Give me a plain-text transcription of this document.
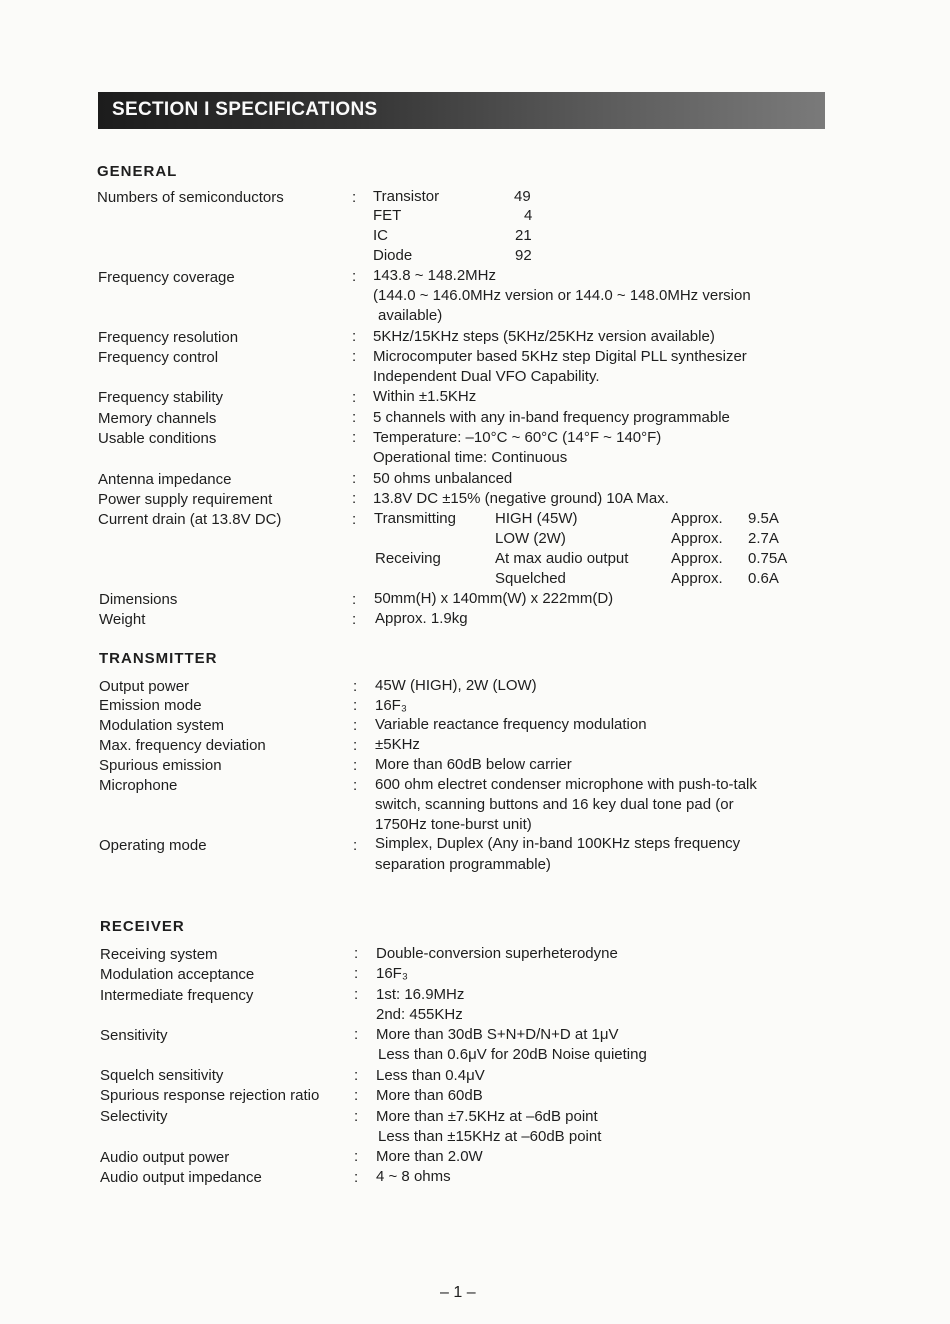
SECTION I SPECIFICATIONS
GENERAL
Numbers of semiconductors	: Transistor	49
FET	4
IC	21
Diode	92
Frequency coverage	: 143.8 ~ 148.2MHz
(144.0 ~ 146.0MHz version or 144.0 ~ 148.0MHz version
available)
Frequency resolution	: 5KHz/15KHz steps (5KHz/25KHz version available)
Frequency control	: Microcomputer based 5KHz step Digital PLL synthesizer
Independent Dual VFO Capability.
Frequency stability	: Within ±1.5KHz
Memory channels	: 5 channels with any in-band frequency programmable
Usable conditions	: Temperature: –10°C ~ 60°C (14°F ~ 140°F)
Operational time: Continuous
Antenna impedance	: 50 ohms unbalanced
Power supply requirement	: 13.8V DC ±15% (negative ground) 10A Max.
Current drain (at 13.8V DC)	: Transmitting	HIGH (45W)	Approx. 9.5A
LOW (2W)	Approx. 2.7A
Receiving	At max audio output	Approx. 0.75A
Squelched	Approx. 0.6A
Dimensions	: 50mm(H) x 140mm(W) x 222mm(D)
Weight	: Approx. 1.9kg
TRANSMITTER
Output power	: 45W (HIGH), 2W (LOW)
Emission mode	: 16F₃
Modulation system	: Variable reactance frequency modulation
Max. frequency deviation	: ±5KHz
Spurious emission	: More than 60dB below carrier
Microphone	: 600 ohm electret condenser microphone with push-to-talk
switch, scanning buttons and 16 key dual tone pad (or
1750Hz tone-burst unit)
Operating mode	: Simplex, Duplex (Any in-band 100KHz steps frequency
separation programmable)
RECEIVER
Receiving system	: Double-conversion superheterodyne
Modulation acceptance	: 16F₃
Intermediate frequency	: 1st: 16.9MHz
2nd: 455KHz
Sensitivity	: More than 30dB S+N+D/N+D at 1μV
Less than 0.6μV for 20dB Noise quieting
Squelch sensitivity	: Less than 0.4μV
Spurious response rejection ratio : More than 60dB
Selectivity	: More than ±7.5KHz at –6dB point
Less than ±15KHz at –60dB point
Audio output power	: More than 2.0W
Audio output impedance	: 4 ~ 8 ohms
– 1 –
